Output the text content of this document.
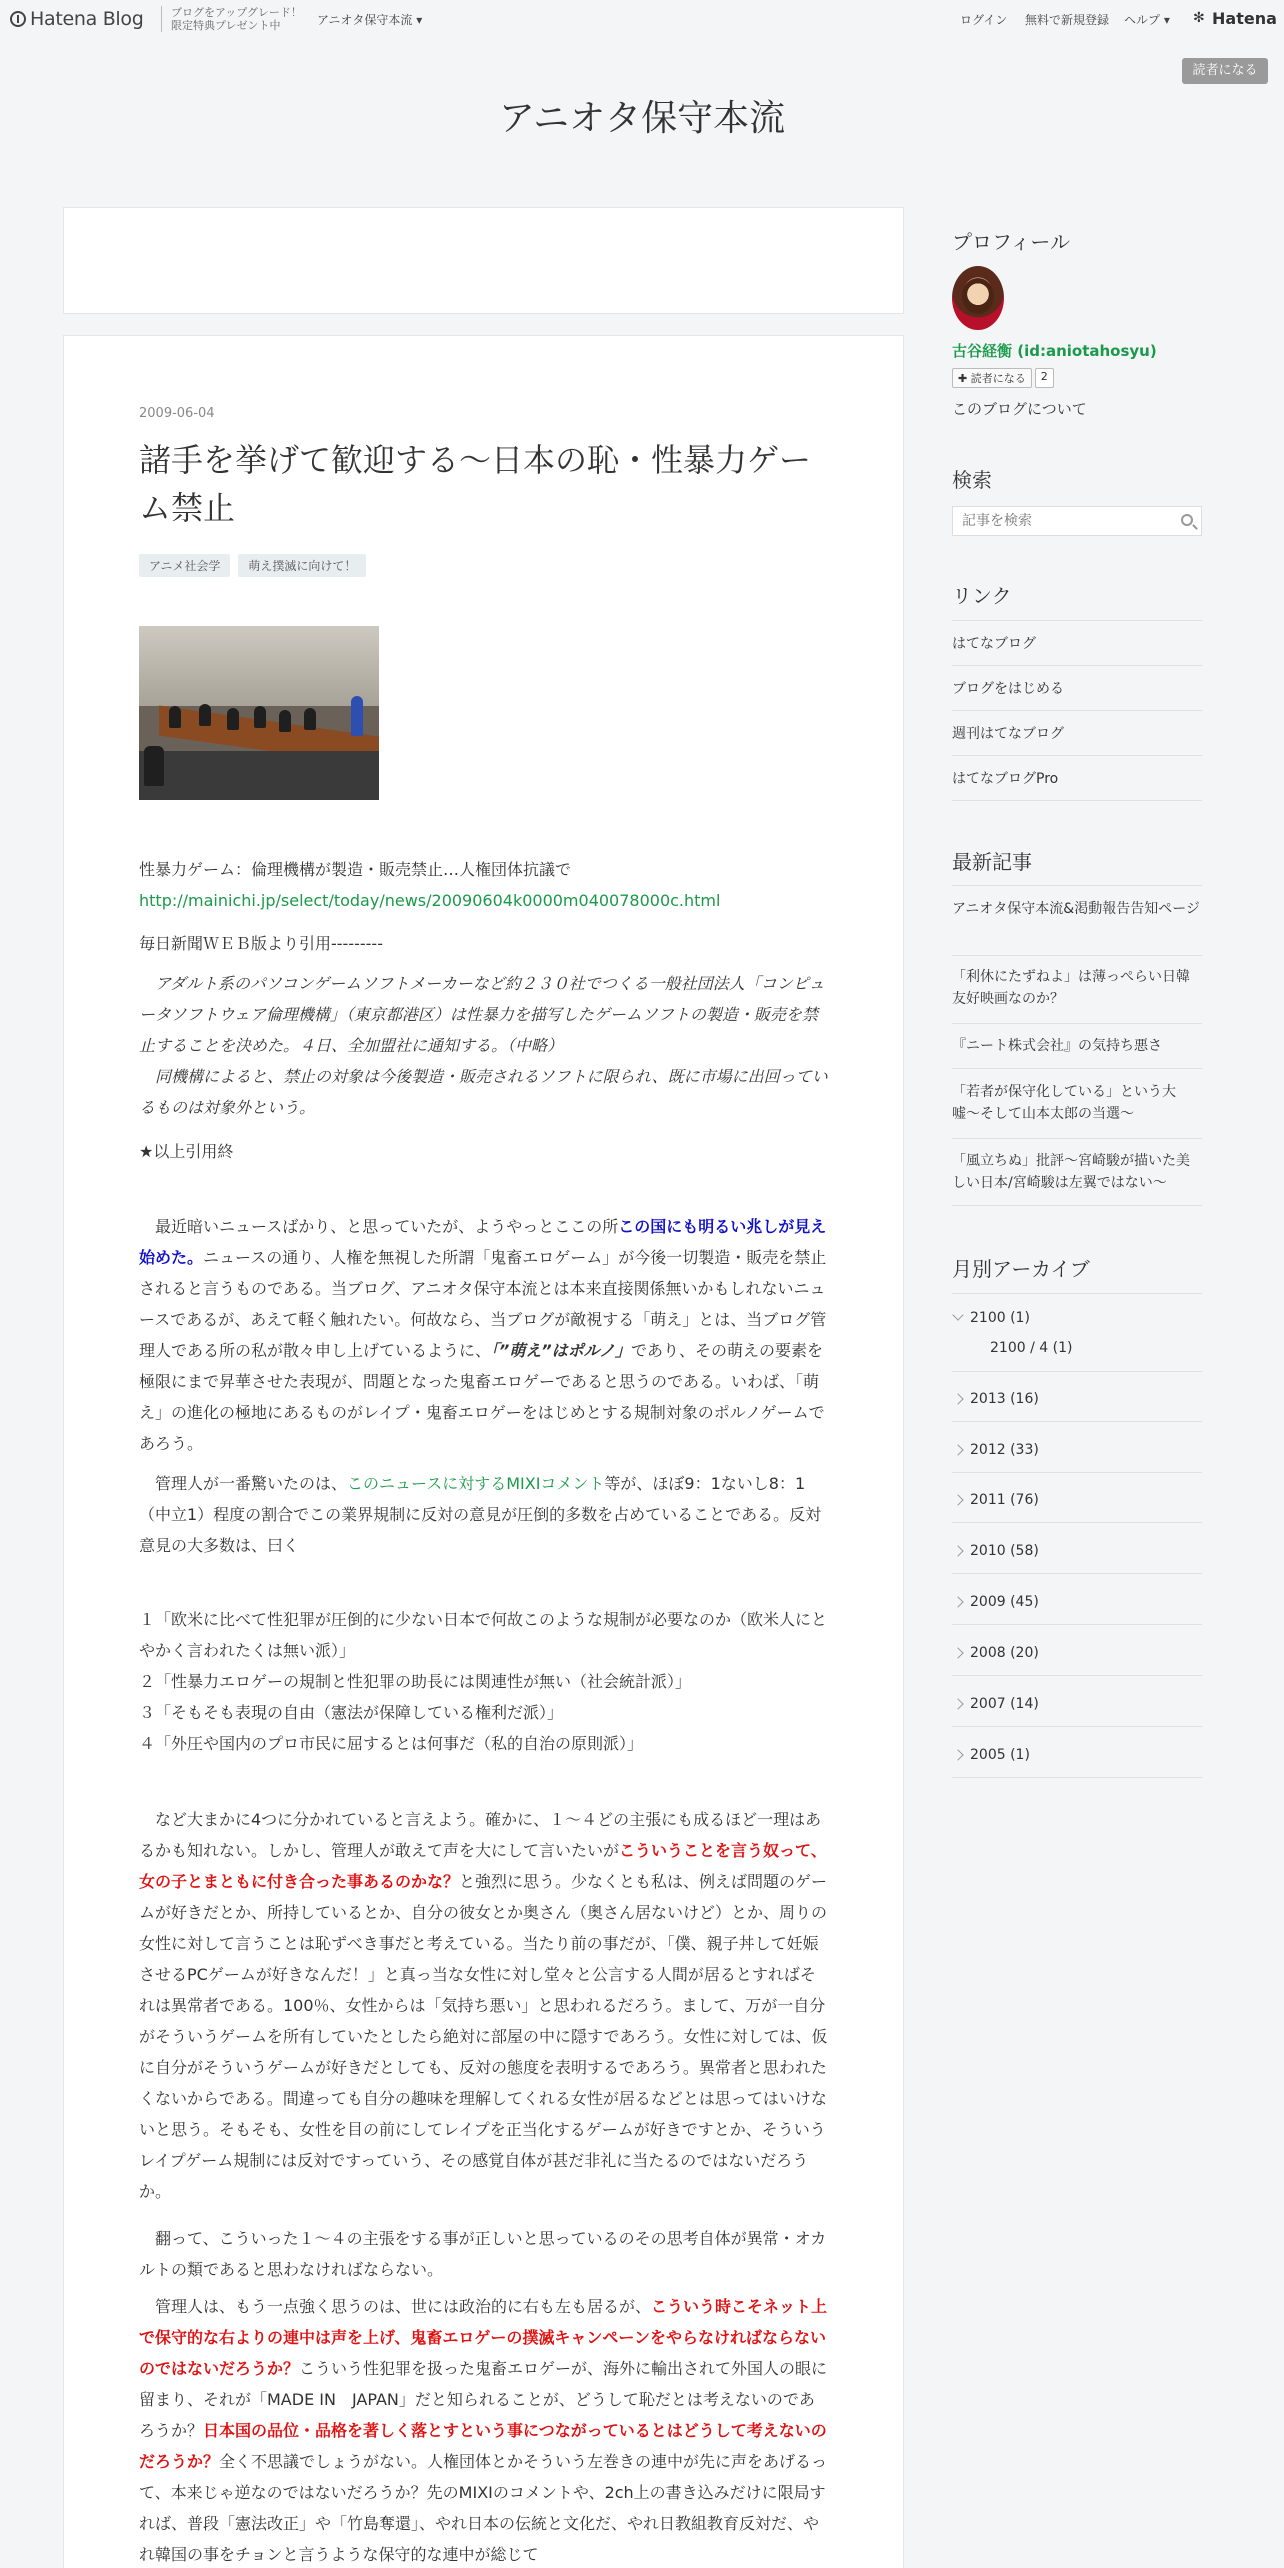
Hatena Blog	ブログをアップグレード！
限定特典プレゼント中	アニオタ保守本流 ▾	ログイン 無料で新規登録 ヘルプ ▾ ✻ Hatena
読者になる
アニオタ保守本流
2009-06-04
諸手を挙げて歓迎する〜日本の恥・性暴力ゲーム禁止
アニメ社会学	萌え撲滅に向けて！

性暴力ゲーム：倫理機構が製造・販売禁止…人権団体抗議で

http://mainichi.jp/select/today/news/20090604k0000m040078000c.html

毎日新聞ＷＥＢ版より引用---------

アダルト系のパソコンゲームソフトメーカーなど約２３０社でつくる一般社団法人「コンピュータソフトウェア倫理機構」（東京都港区）は性暴力を描写したゲームソフトの製造・販売を禁止することを決めた。４日、全加盟社に通知する。（中略）

同機構によると、禁止の対象は今後製造・販売されるソフトに限られ、既に市場に出回っているものは対象外という。

★以上引用終

最近暗いニュースばかり、と思っていたが、ようやっとここの所この国にも明るい兆しが見え始めた。ニュースの通り、人権を無視した所謂「鬼畜エロゲーム」が今後一切製造・販売を禁止されると言うものである。当ブログ、アニオタ保守本流とは本来直接関係無いかもしれないニュースであるが、あえて軽く触れたい。何故なら、当ブログが敵視する「萌え」とは、当ブログ管理人である所の私が散々申し上げているように、「”萌え”はポルノ」であり、その萌えの要素を極限にまで昇華させた表現が、問題となった鬼畜エロゲーであると思うのである。いわば、「萌え」の進化の極地にあるものがレイプ・鬼畜エロゲーをはじめとする規制対象のポルノゲームであろう。

管理人が一番驚いたのは、このニュースに対するMIXIコメント等が、ほぼ9：1ないし8：1（中立1）程度の割合でこの業界規制に反対の意見が圧倒的多数を占めていることである。反対意見の大多数は、曰く

１「欧米に比べて性犯罪が圧倒的に少ない日本で何故このような規制が必要なのか（欧米人にとやかく言われたくは無い派）」

２「性暴力エロゲーの規制と性犯罪の助長には関連性が無い（社会統計派）」

３「そもそも表現の自由（憲法が保障している権利だ派）」

４「外圧や国内のプロ市民に屈するとは何事だ（私的自治の原則派）」

など大まかに4つに分かれていると言えよう。確かに、１〜４どの主張にも成るほど一理はあるかも知れない。しかし、管理人が敢えて声を大にして言いたいがこういうことを言う奴って、女の子とまともに付き合った事あるのかな？と強烈に思う。少なくとも私は、例えば問題のゲームが好きだとか、所持しているとか、自分の彼女とか奥さん（奥さん居ないけど）とか、周りの女性に対して言うことは恥ずべき事だと考えている。当たり前の事だが、「僕、親子丼して妊娠させるPCゲームが好きなんだ！」と真っ当な女性に対し堂々と公言する人間が居るとすればそれは異常者である。100％、女性からは「気持ち悪い」と思われるだろう。まして、万が一自分がそういうゲームを所有していたとしたら絶対に部屋の中に隠すであろう。女性に対しては、仮に自分がそういうゲームが好きだとしても、反対の態度を表明するであろう。異常者と思われたくないからである。間違っても自分の趣味を理解してくれる女性が居るなどとは思ってはいけないと思う。そもそも、女性を目の前にしてレイプを正当化するゲームが好きですとか、そういうレイプゲーム規制には反対ですっていう、その感覚自体が甚だ非礼に当たるのではないだろうか。

翻って、こういった１〜４の主張をする事が正しいと思っているのその思考自体が異常・オカルトの類であると思わなければならない。

管理人は、もう一点強く思うのは、世には政治的に右も左も居るが、こういう時こそネット上で保守的な右よりの連中は声を上げ、鬼畜エロゲーの撲滅キャンペーンをやらなければならないのではないだろうか？こういう性犯罪を扱った鬼畜エロゲーが、海外に輸出されて外国人の眼に留まり、それが「MADE IN　JAPAN」だと知られることが、どうして恥だとは考えないのであろうか？日本国の品位・品格を著しく落とすという事につながっているとはどうして考えないのだろうか？全く不思議でしょうがない。人権団体とかそういう左巻きの連中が先に声をあげるって、本来じゃ逆なのではないだろうか？先のMIXIのコメントや、2ch上の書き込みだけに限局すれば、普段「憲法改正」や「竹島奪還」、やれ日本の伝統と文化だ、やれ日教組教育反対だ、やれ韓国の事をチョンと言うような保守的な連中が総じて

プロフィール
古谷経衡 (id:aniotahosyu)
✚ 読者になる	2
このブログについて
検索
記事を検索
リンク
はてなブログ
ブログをはじめる
週刊はてなブログ
はてなブログPro
最新記事
アニオタ保守本流&渇動報告告知ページ
「利休にたずねよ」は薄っぺらい日韓友好映画なのか？
『ニート株式会社』の気持ち悪さ
「若者が保守化している」という大嘘〜そして山本太郎の当選〜
「風立ちぬ」批評〜宮崎駿が描いた美しい日本/宮崎駿は左翼ではない〜
月別アーカイブ
2100 (1)
2100 / 4 (1)
2013 (16)
2012 (33)
2011 (76)
2010 (58)
2009 (45)
2008 (20)
2007 (14)
2005 (1)
